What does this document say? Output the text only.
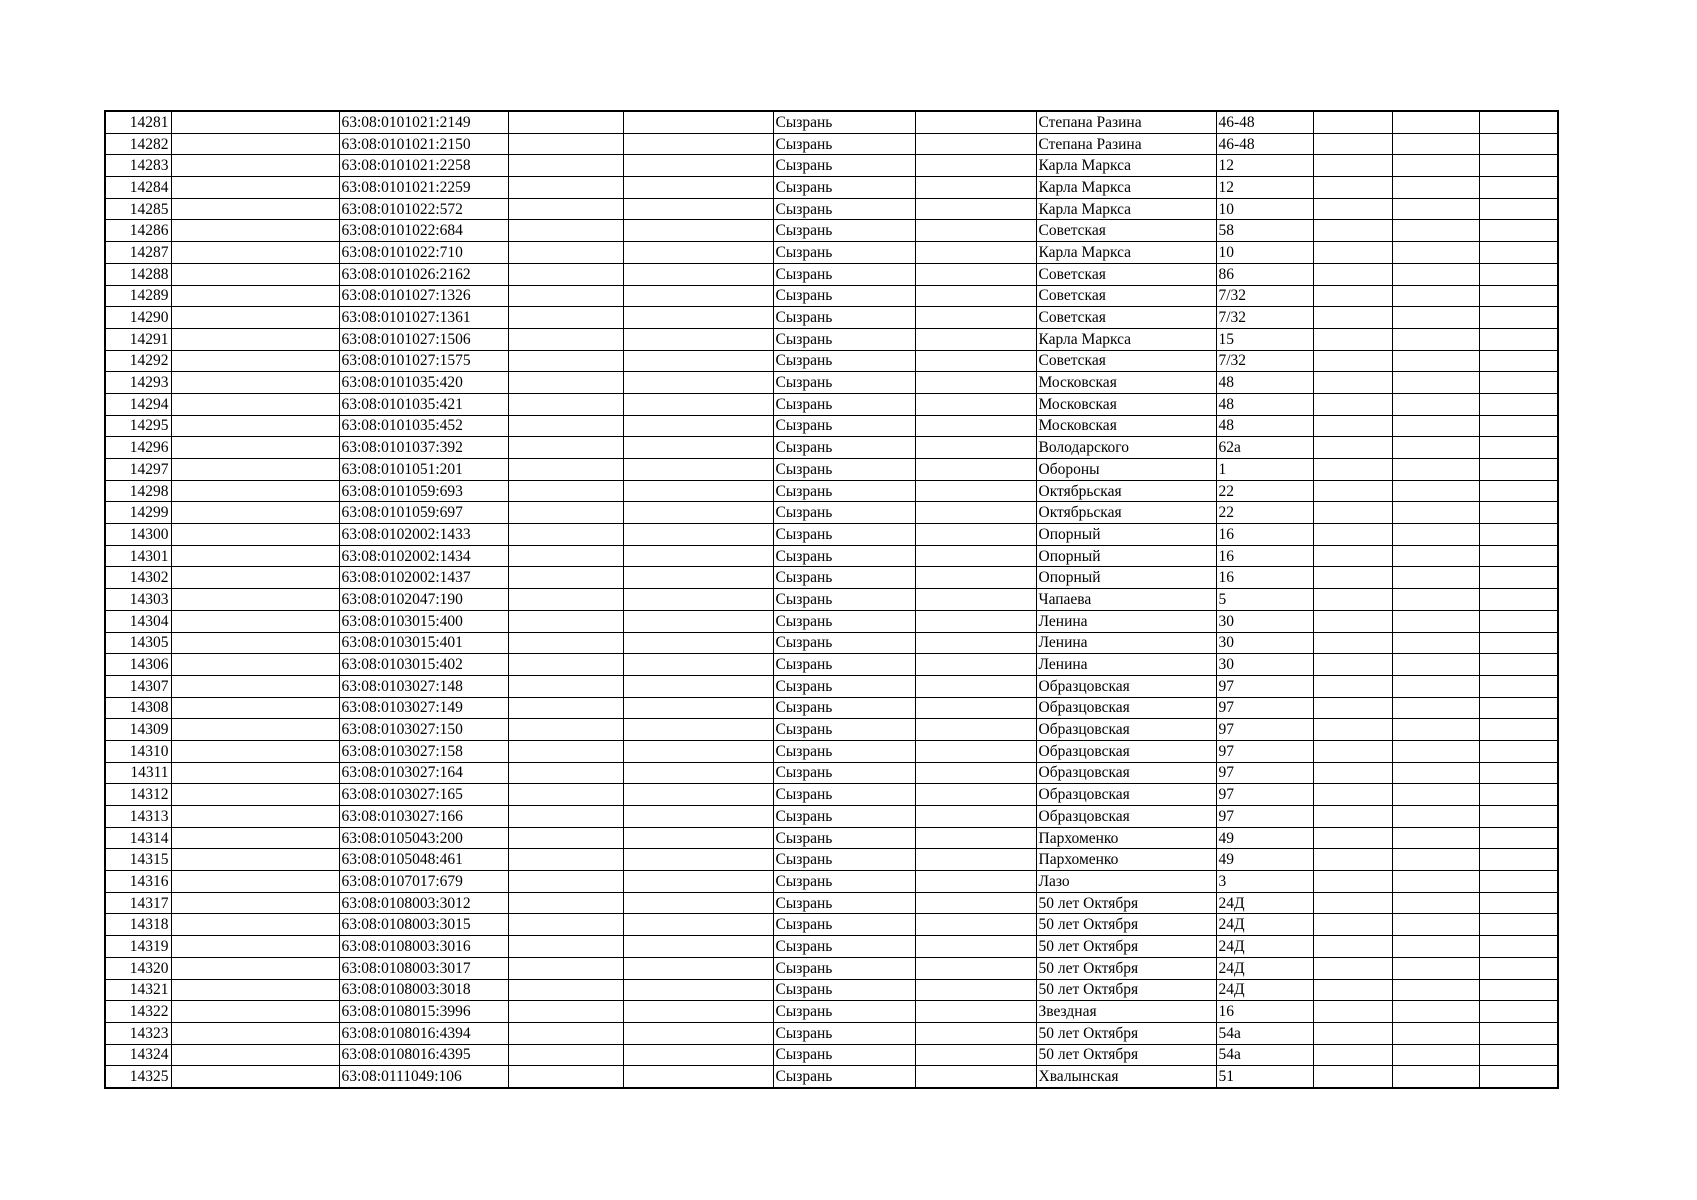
14281		63:08:0101021:2149			Сызрань		Степана Разина	46-48			
14282		63:08:0101021:2150			Сызрань		Степана Разина	46-48			
14283		63:08:0101021:2258			Сызрань		Карла Маркса	12			
14284		63:08:0101021:2259			Сызрань		Карла Маркса	12			
14285		63:08:0101022:572			Сызрань		Карла Маркса	10			
14286		63:08:0101022:684			Сызрань		Советская	58			
14287		63:08:0101022:710			Сызрань		Карла Маркса	10			
14288		63:08:0101026:2162			Сызрань		Советская	86			
14289		63:08:0101027:1326			Сызрань		Советская	7/32			
14290		63:08:0101027:1361			Сызрань		Советская	7/32			
14291		63:08:0101027:1506			Сызрань		Карла Маркса	15			
14292		63:08:0101027:1575			Сызрань		Советская	7/32			
14293		63:08:0101035:420			Сызрань		Московская	48			
14294		63:08:0101035:421			Сызрань		Московская	48			
14295		63:08:0101035:452			Сызрань		Московская	48			
14296		63:08:0101037:392			Сызрань		Володарского	62а			
14297		63:08:0101051:201			Сызрань		Обороны	1			
14298		63:08:0101059:693			Сызрань		Октябрьская	22			
14299		63:08:0101059:697			Сызрань		Октябрьская	22			
14300		63:08:0102002:1433			Сызрань		Опорный	16			
14301		63:08:0102002:1434			Сызрань		Опорный	16			
14302		63:08:0102002:1437			Сызрань		Опорный	16			
14303		63:08:0102047:190			Сызрань		Чапаева	5			
14304		63:08:0103015:400			Сызрань		Ленина	30			
14305		63:08:0103015:401			Сызрань		Ленина	30			
14306		63:08:0103015:402			Сызрань		Ленина	30			
14307		63:08:0103027:148			Сызрань		Образцовская	97			
14308		63:08:0103027:149			Сызрань		Образцовская	97			
14309		63:08:0103027:150			Сызрань		Образцовская	97			
14310		63:08:0103027:158			Сызрань		Образцовская	97			
14311		63:08:0103027:164			Сызрань		Образцовская	97			
14312		63:08:0103027:165			Сызрань		Образцовская	97			
14313		63:08:0103027:166			Сызрань		Образцовская	97			
14314		63:08:0105043:200			Сызрань		Пархоменко	49			
14315		63:08:0105048:461			Сызрань		Пархоменко	49			
14316		63:08:0107017:679			Сызрань		Лазо	3			
14317		63:08:0108003:3012			Сызрань		50 лет Октября	24Д			
14318		63:08:0108003:3015			Сызрань		50 лет Октября	24Д			
14319		63:08:0108003:3016			Сызрань		50 лет Октября	24Д			
14320		63:08:0108003:3017			Сызрань		50 лет Октября	24Д			
14321		63:08:0108003:3018			Сызрань		50 лет Октября	24Д			
14322		63:08:0108015:3996			Сызрань		Звездная	16			
14323		63:08:0108016:4394			Сызрань		50 лет Октября	54а			
14324		63:08:0108016:4395			Сызрань		50 лет Октября	54а			
14325		63:08:0111049:106			Сызрань		Хвалынская	51			
